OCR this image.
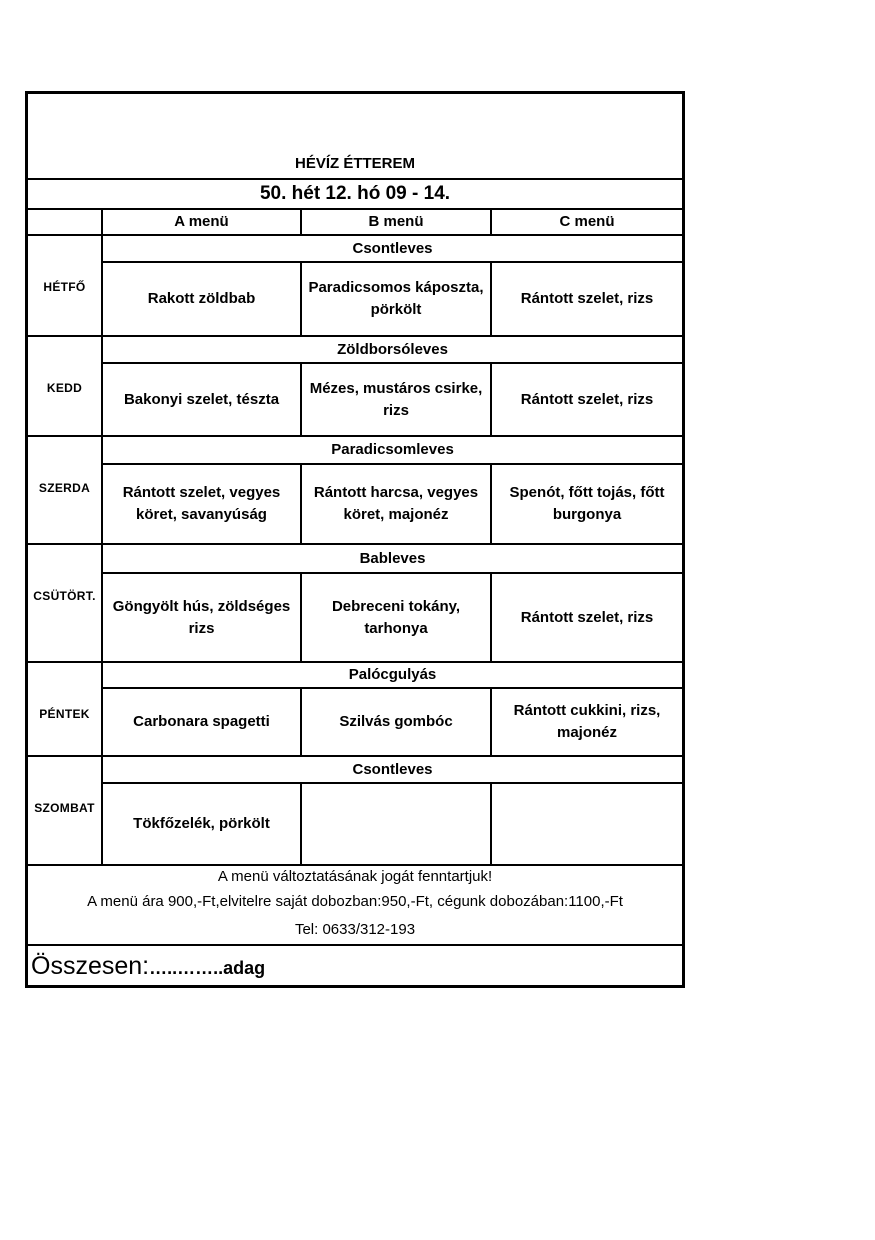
HÉVÍZ ÉTTEREM			
50. hét 12. hó 09 - 14.			
	A menü	B menü	C menü
HÉTFŐ	Csontleves		
	Rakott zöldbab	Paradicsomos káposzta, pörkölt	Rántott szelet, rizs
KEDD	Zöldborsóleves		
	Bakonyi szelet, tészta	Mézes, mustáros csirke, rizs	Rántott szelet, rizs
SZERDA	Paradicsomleves		
	Rántott szelet, vegyes köret, savanyúság	Rántott harcsa, vegyes köret, majonéz	Spenót, főtt tojás, főtt burgonya
CSÜTÖRT.	Bableves		
	Göngyölt hús, zöldséges rizs	Debreceni tokány, tarhonya	Rántott szelet, rizs
PÉNTEK	Palócgulyás		
	Carbonara spagetti	Szilvás gombóc	Rántott cukkini, rizs, majonéz
SZOMBAT	Csontleves		
	Tökfőzelék, pörkölt		

A menü változtatásának jogát fenntartjuk!
A menü ára 900,-Ft,elvitelre saját dobozban:950,-Ft, cégunk dobozában:1100,-Ft
Tel: 0633/312-193			

Összesen:…..……..adag			
